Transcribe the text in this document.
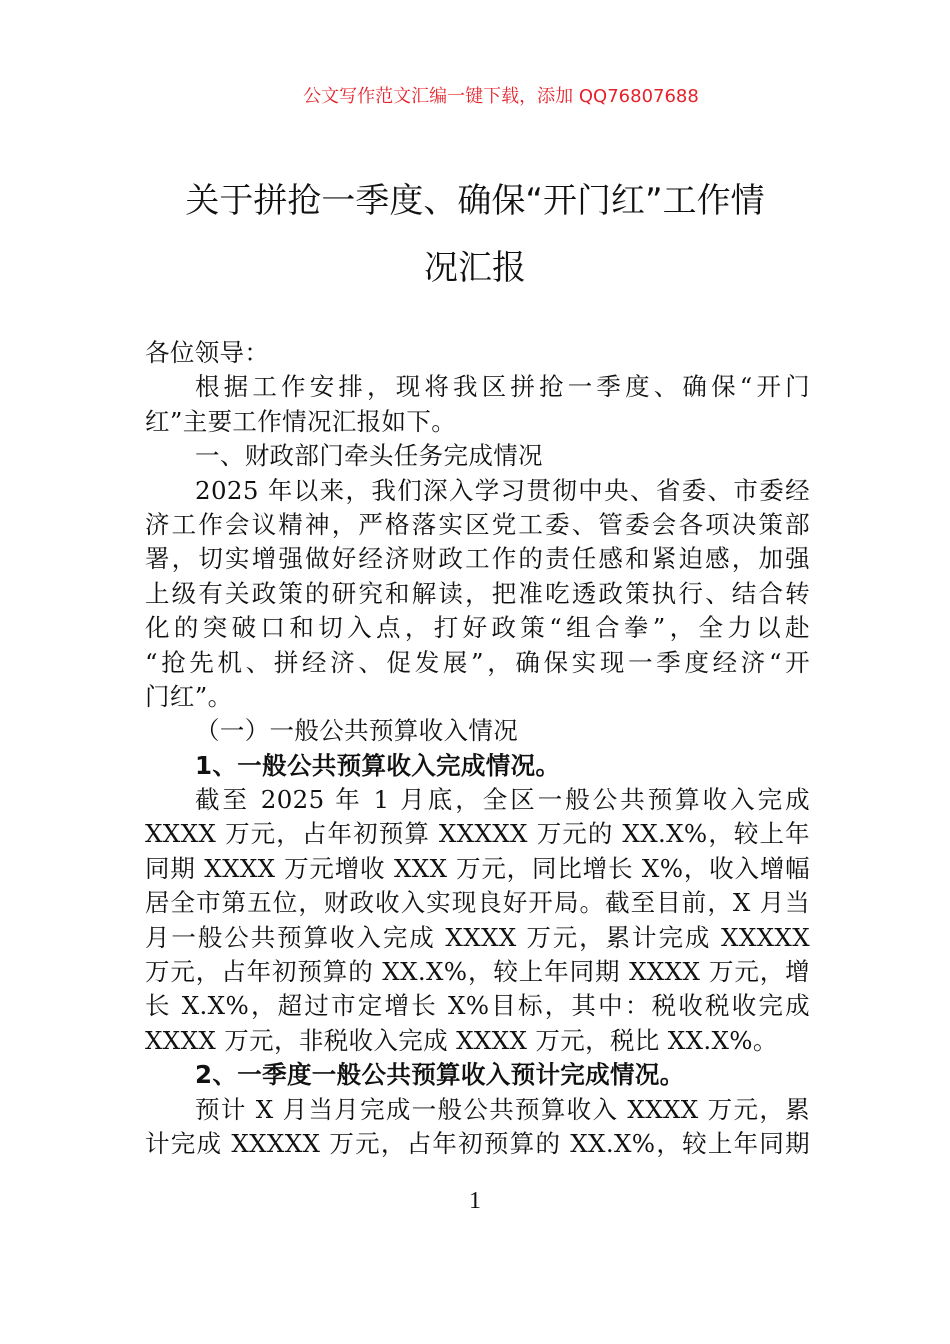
公文写作范文汇编一键下载，添加 QQ76807688
关于拼抢一季度、确保“开门红”工作情
况汇报
各位领导：
根据工作安排，现将我区拼抢一季度、确保“开门
红”主要工作情况汇报如下。
一、财政部门牵头任务完成情况
2025 年以来，我们深入学习贯彻中央、省委、市委经
济工作会议精神，严格落实区党工委、管委会各项决策部
署，切实增强做好经济财政工作的责任感和紧迫感，加强
上级有关政策的研究和解读，把准吃透政策执行、结合转
化的突破口和切入点，打好政策“组合拳”，全力以赴
“抢先机、拼经济、促发展”，确保实现一季度经济“开
门红”。
（一）一般公共预算收入情况
1、一般公共预算收入完成情况。
截至 2025 年 1 月底，全区一般公共预算收入完成
XXXX 万元，占年初预算 XXXXX 万元的 XX.X%，较上年
同期 XXXX 万元增收 XXX 万元，同比增长 X%，收入增幅
居全市第五位，财政收入实现良好开局。截至目前，X 月当
月一般公共预算收入完成 XXXX 万元，累计完成 XXXXX
万元，占年初预算的 XX.X%，较上年同期 XXXX 万元，增
长 X.X%，超过市定增长 X%目标，其中：税收税收完成
XXXX 万元，非税收入完成 XXXX 万元，税比 XX.X%。
2、一季度一般公共预算收入预计完成情况。
预计 X 月当月完成一般公共预算收入 XXXX 万元，累
计完成 XXXXX 万元，占年初预算的 XX.X%，较上年同期
1
